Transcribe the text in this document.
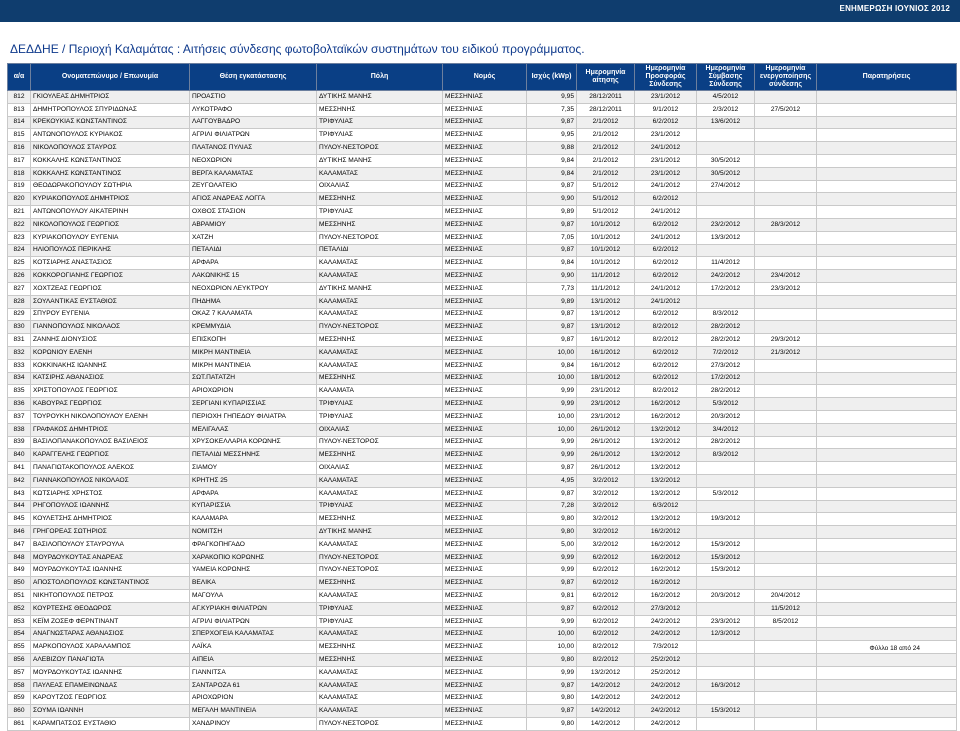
ΕΝΗΜΕΡΩΣΗ ΙΟΥΝΙΟΣ 2012
ΔΕΔΔΗΕ / Περιοχή Καλαμάτας : Αιτήσεις σύνδεσης φωτοβολταϊκών συστημάτων του ειδικού προγράμματος.
α/α	Ονοματεπώνυμο / Επωνυμία	Θέση εγκατάστασης	Πόλη	Νομός	Ισχύς (kWp)	Ημερομηνία αίτησης	Ημερομηνία Προσφοράς Σύνδεσης	Ημερομηνία Σύμβασης Σύνδεσης	Ημερομηνία ενεργοποίησης σύνδεσης	Παρατηρήσεις
812	ΓΚΙΟΥΛΕΑΣ ΔΗΜΗΤΡΙΟΣ	ΠΡΟΑΣΤΙΟ	ΔΥΤΙΚΗΣ ΜΑΝΗΣ	ΜΕΣΣΗΝΙΑΣ	9,95	28/12/2011	23/1/2012	4/5/2012		
813	ΔΗΜΗΤΡΟΠΟΥΛΟΣ ΣΠΥΡΙΔΩΝΑΣ	ΛΥΚΟΤΡΑΦΟ	ΜΕΣΣΗΝΗΣ	ΜΕΣΣΗΝΙΑΣ	7,35	28/12/2011	9/1/2012	2/3/2012	27/5/2012	
814	ΚΡΕΚΟΥΚΙΑΣ ΚΩΝΣΤΑΝΤΙΝΟΣ	ΛΑΓΓΟΥΒΑΔΡΟ	ΤΡΙΦΥΛΙΑΣ	ΜΕΣΣΗΝΙΑΣ	9,87	2/1/2012	6/2/2012	13/6/2012		
815	ΑΝΤΩΝΟΠΟΥΛΟΣ ΚΥΡΙΑΚΟΣ	ΑΓΡΙΛΙ ΦΙΛΙΑΤΡΩΝ	ΤΡΙΦΥΛΙΑΣ	ΜΕΣΣΗΝΙΑΣ	9,95	2/1/2012	23/1/2012			
816	ΝΙΚΟΛΟΠΟΥΛΟΣ ΣΤΑΥΡΟΣ	ΠΛΑΤΑΝΟΣ ΠΥΛΙΑΣ	ΠΥΛΟΥ-ΝΕΣΤΟΡΟΣ	ΜΕΣΣΗΝΙΑΣ	9,88	2/1/2012	24/1/2012			
817	ΚΟΚΚΑΛΗΣ ΚΩΝΣΤΑΝΤΙΝΟΣ	ΝΕΟΧΩΡΙΟΝ	ΔΥΤΙΚΗΣ ΜΑΝΗΣ	ΜΕΣΣΗΝΙΑΣ	9,84	2/1/2012	23/1/2012	30/5/2012		
818	ΚΟΚΚΑΛΗΣ ΚΩΝΣΤΑΝΤΙΝΟΣ	ΒΕΡΓΑ ΚΑΛΑΜΑΤΑΣ	ΚΑΛΑΜΑΤΑΣ	ΜΕΣΣΗΝΙΑΣ	9,84	2/1/2012	23/1/2012	30/5/2012		
819	ΘΕΟΔΩΡΑΚΟΠΟΥΛΟΥ ΣΩΤΗΡΙΑ	ΖΕΥΓΟΛΑΤΕΙΟ	ΟΙΧΑΛΙΑΣ	ΜΕΣΣΗΝΙΑΣ	9,87	5/1/2012	24/1/2012	27/4/2012		
820	ΚΥΡΙΑΚΟΠΟΥΛΟΣ ΔΗΜΗΤΡΙΟΣ	ΑΓΙΟΣ ΑΝΔΡΕΑΣ ΛΟΓΓΑ	ΜΕΣΣΗΝΗΣ	ΜΕΣΣΗΝΙΑΣ	9,90	5/1/2012	6/2/2012			
821	ΑΝΤΩΝΟΠΟΥΛΟΥ ΑΙΚΑΤΕΡΙΝΗ	ΟΧΘΟΣ ΣΤΑΣΙΟΝ	ΤΡΙΦΥΛΙΑΣ	ΜΕΣΣΗΝΙΑΣ	9,89	5/1/2012	24/1/2012			
822	ΝΙΚΟΛΟΠΟΥΛΟΣ ΓΕΩΡΓΙΟΣ	ΑΒΡΑΜΙΟΥ	ΜΕΣΣΗΝΗΣ	ΜΕΣΣΗΝΙΑΣ	9,87	10/1/2012	6/2/2012	23/2/2012	28/3/2012	
823	ΚΥΡΙΑΚΟΠΟΥΛΟΥ ΕΥΓΕΝΙΑ	ΧΑΤΖΗ	ΠΥΛΟΥ-ΝΕΣΤΟΡΟΣ	ΜΕΣΣΗΝΙΑΣ	7,05	10/1/2012	24/1/2012	13/3/2012		
824	ΗΛΙΟΠΟΥΛΟΣ ΠΕΡΙΚΛΗΣ	ΠΕΤΑΛΙΔΙ	ΠΕΤΑΛΙΔΙ	ΜΕΣΣΗΝΙΑΣ	9,87	10/1/2012	6/2/2012			
825	ΚΟΤΣΙΑΡΗΣ ΑΝΑΣΤΑΣΙΟΣ	ΑΡΦΑΡΑ	ΚΑΛΑΜΑΤΑΣ	ΜΕΣΣΗΝΙΑΣ	9,84	10/1/2012	6/2/2012	11/4/2012		
826	ΚΟΚΚΟΡΟΓΙΑΝΗΣ ΓΕΩΡΓΙΟΣ	ΛΑΚΩΝΙΚΗΣ 15	ΚΑΛΑΜΑΤΑΣ	ΜΕΣΣΗΝΙΑΣ	9,90	11/1/2012	6/2/2012	24/2/2012	23/4/2012	
827	ΧΟΧΤΖΕΑΣ ΓΕΩΡΓΙΟΣ	ΝΕΟΧΩΡΙΟΝ ΛΕΥΚΤΡΟΥ	ΔΥΤΙΚΗΣ ΜΑΝΗΣ	ΜΕΣΣΗΝΙΑΣ	7,73	11/1/2012	24/1/2012	17/2/2012	23/3/2012	
828	ΣΟΥΛΑΝΤΙΚΑΣ ΕΥΣΤΑΘΙΟΣ	ΠΗΔΗΜΑ	ΚΑΛΑΜΑΤΑΣ	ΜΕΣΣΗΝΙΑΣ	9,89	13/1/2012	24/1/2012			
829	ΣΠΥΡΟΥ ΕΥΓΕΝΙΑ	ΟΚΑΖ 7 ΚΑΛΑΜΑΤΑ	ΚΑΛΑΜΑΤΑΣ	ΜΕΣΣΗΝΙΑΣ	9,87	13/1/2012	6/2/2012	8/3/2012		
830	ΓΙΑΝΝΟΠΟΥΛΟΣ ΝΙΚΟΛΑΟΣ	ΚΡΕΜΜΥΔΙΑ	ΠΥΛΟΥ-ΝΕΣΤΟΡΟΣ	ΜΕΣΣΗΝΙΑΣ	9,87	13/1/2012	8/2/2012	28/2/2012		
831	ΖΑΝΝΗΣ ΔΙΟΝΥΣΙΟΣ	ΕΠΙΣΚΟΠΗ	ΜΕΣΣΗΝΗΣ	ΜΕΣΣΗΝΙΑΣ	9,87	16/1/2012	8/2/2012	28/2/2012	29/3/2012	
832	ΚΟΡΩΝΙΟΥ ΕΛΕΝΗ	ΜΙΚΡΗ ΜΑΝΤΙΝΕΙΑ	ΚΑΛΑΜΑΤΑΣ	ΜΕΣΣΗΝΙΑΣ	10,00	16/1/2012	6/2/2012	7/2/2012	21/3/2012	
833	ΚΟΚΚΙΝΑΚΗΣ ΙΩΑΝΝΗΣ	ΜΙΚΡΗ ΜΑΝΤΙΝΕΙΑ	ΚΑΛΑΜΑΤΑΣ	ΜΕΣΣΗΝΙΑΣ	9,84	16/1/2012	6/2/2012	27/3/2012		
834	ΚΑΤΣΙΡΗΣ ΑΘΑΝΑΣΙΟΣ	ΣΩΤ.ΠΑΤΑΤΖΗ	ΜΕΣΣΗΝΗΣ	ΜΕΣΣΗΝΙΑΣ	10,00	18/1/2012	6/2/2012	17/2/2012		
835	ΧΡΙΣΤΟΠΟΥΛΟΣ ΓΕΩΡΓΙΟΣ	ΑΡΙΟΧΩΡΙΟΝ	ΚΑΛΑΜΑΤΑ	ΜΕΣΣΗΝΙΑΣ	9,99	23/1/2012	8/2/2012	28/2/2012		
836	ΚΑΒΟΥΡΑΣ ΓΕΩΡΓΙΟΣ	ΣΕΡΓΙΑΝΙ ΚΥΠΑΡΙΣΣΙΑΣ	ΤΡΙΦΥΛΙΑΣ	ΜΕΣΣΗΝΙΑΣ	9,99	23/1/2012	16/2/2012	5/3/2012		
837	ΤΟΥΡΟΥΚΗ ΝΙΚΟΛΟΠΟΥΛΟΥ ΕΛΕΝΗ	ΠΕΡΙΟΧΗ ΓΗΠΕΔΟΥ ΦΙΛΙΑΤΡΑ	ΤΡΙΦΥΛΙΑΣ	ΜΕΣΣΗΝΙΑΣ	10,00	23/1/2012	16/2/2012	20/3/2012		
838	ΓΡΑΦΑΚΟΣ ΔΗΜΗΤΡΙΟΣ	ΜΕΛΙΓΑΛΑΣ	ΟΙΧΑΛΙΑΣ	ΜΕΣΣΗΝΙΑΣ	10,00	26/1/2012	13/2/2012	3/4/2012		
839	ΒΑΣΙΛΟΠΑΝΑΚΟΠΟΥΛΟΣ ΒΑΣΙΛΕΙΟΣ	ΧΡΥΣΟΚΕΛΛΑΡΙΑ ΚΟΡΩΝΗΣ	ΠΥΛΟΥ-ΝΕΣΤΟΡΟΣ	ΜΕΣΣΗΝΙΑΣ	9,99	26/1/2012	13/2/2012	28/2/2012		
840	ΚΑΡΑΓΓΕΛΗΣ ΓΕΩΡΓΙΟΣ	ΠΕΤΑΛΙΔΙ ΜΕΣΣΗΝΗΣ	ΜΕΣΣΗΝΗΣ	ΜΕΣΣΗΝΙΑΣ	9,99	26/1/2012	13/2/2012	8/3/2012		
841	ΠΑΝΑΓΙΩΤΑΚΟΠΟΥΛΟΣ ΑΛΕΚΟΣ	ΣΙΑΜΟΥ	ΟΙΧΑΛΙΑΣ	ΜΕΣΣΗΝΙΑΣ	9,87	26/1/2012	13/2/2012			
842	ΓΙΑΝΝΑΚΟΠΟΥΛΟΣ ΝΙΚΟΛΑΟΣ	ΚΡΗΤΗΣ 25	ΚΑΛΑΜΑΤΑΣ	ΜΕΣΣΗΝΙΑΣ	4,95	3/2/2012	13/2/2012			
843	ΚΩΤΣΙΑΡΗΣ ΧΡΗΣΤΟΣ	ΑΡΦΑΡΑ	ΚΑΛΑΜΑΤΑΣ	ΜΕΣΣΗΝΙΑΣ	9,87	3/2/2012	13/2/2012	5/3/2012		
844	ΡΗΓΟΠΟΥΛΟΣ ΙΩΑΝΝΗΣ	ΚΥΠΑΡΙΣΣΙΑ	ΤΡΙΦΥΛΙΑΣ	ΜΕΣΣΗΝΙΑΣ	7,28	3/2/2012	6/3/2012			
845	ΚΟΥΛΕΤΣΗΣ ΔΗΜΗΤΡΙΟΣ	ΚΑΛΑΜΑΡΑ	ΜΕΣΣΗΝΗΣ	ΜΕΣΣΗΝΙΑΣ	9,80	3/2/2012	13/2/2012	19/3/2012		
846	ΓΡΗΓΟΡΕΑΣ ΣΩΤΗΡΙΟΣ	ΝΟΜΙΤΣΗ	ΔΥΤΙΚΗΣ ΜΑΝΗΣ	ΜΕΣΣΗΝΙΑΣ	9,80	3/2/2012	16/2/2012			
847	ΒΑΣΙΛΟΠΟΥΛΟΥ ΣΤΑΥΡΟΥΛΑ	ΦΡΑΓΚΟΠΗΓΑΔΟ	ΚΑΛΑΜΑΤΑΣ	ΜΕΣΣΗΝΙΑΣ	5,00	3/2/2012	16/2/2012	15/3/2012		
848	ΜΟΥΡΔΟΥΚΟΥΤΑΣ ΑΝΔΡΕΑΣ	ΧΑΡΑΚΟΠΙΟ ΚΟΡΩΝΗΣ	ΠΥΛΟΥ-ΝΕΣΤΟΡΟΣ	ΜΕΣΣΗΝΙΑΣ	9,99	6/2/2012	16/2/2012	15/3/2012		
849	ΜΟΥΡΔΟΥΚΟΥΤΑΣ ΙΩΑΝΝΗΣ	ΥΑΜΕΙΑ ΚΟΡΩΝΗΣ	ΠΥΛΟΥ-ΝΕΣΤΟΡΟΣ	ΜΕΣΣΗΝΙΑΣ	9,99	6/2/2012	16/2/2012	15/3/2012		
850	ΑΠΟΣΤΟΛΟΠΟΥΛΟΣ ΚΩΝΣΤΑΝΤΙΝΟΣ	ΒΕΛΙΚΑ	ΜΕΣΣΗΝΗΣ	ΜΕΣΣΗΝΙΑΣ	9,87	6/2/2012	16/2/2012			
851	ΝΙΚΗΤΟΠΟΥΛΟΣ ΠΕΤΡΟΣ	ΜΑΓΟΥΛΑ	ΚΑΛΑΜΑΤΑΣ	ΜΕΣΣΗΝΙΑΣ	9,81	6/2/2012	16/2/2012	20/3/2012	20/4/2012	
852	ΚΟΥΡΤΕΣΗΣ ΘΕΟΔΩΡΟΣ	ΑΓ.ΚΥΡΙΑΚΗ ΦΙΛΙΑΤΡΩΝ	ΤΡΙΦΥΛΙΑΣ	ΜΕΣΣΗΝΙΑΣ	9,87	6/2/2012	27/3/2012		11/5/2012	
853	ΚΕΪΜ ΖΟΣΕΦ ΦΕΡΝΤΙΝΑΝΤ	ΑΓΡΙΛΙ ΦΙΛΙΑΤΡΩΝ	ΤΡΙΦΥΛΙΑΣ	ΜΕΣΣΗΝΙΑΣ	9,99	6/2/2012	24/2/2012	23/3/2012	8/5/2012	
854	ΑΝΑΓΝΩΣΤΑΡΑΣ ΑΘΑΝΑΣΙΟΣ	ΣΠΕΡΧΟΓΕΙΑ ΚΑΛΑΜΑΤΑΣ	ΚΑΛΑΜΑΤΑΣ	ΜΕΣΣΗΝΙΑΣ	10,00	6/2/2012	24/2/2012	12/3/2012		
855	ΜΑΡΚΟΠΟΥΛΟΣ ΧΑΡΑΛΑΜΠΟΣ	ΛΑΪΚΑ	ΜΕΣΣΗΝΗΣ	ΜΕΣΣΗΝΙΑΣ	10,00	8/2/2012	7/3/2012			
856	ΑΛΕΒΙΖΟΥ ΠΑΝΑΓΙΩΤΑ	ΑΙΠΕΙΑ	ΜΕΣΣΗΝΗΣ	ΜΕΣΣΗΝΙΑΣ	9,80	8/2/2012	25/2/2012			
857	ΜΟΥΡΔΟΥΚΟΥΤΑΣ ΙΩΑΝΝΗΣ	ΓΙΑΝΝΙΤΣΑ	ΚΑΛΑΜΑΤΑΣ	ΜΕΣΣΗΝΙΑΣ	9,99	13/2/2012	25/2/2012			
858	ΠΑΥΛΕΑΣ ΕΠΑΜΕΙΝΩΝΔΑΣ	ΣΑΝΤΑΡΟΖΑ 61	ΚΑΛΑΜΑΤΑΣ	ΜΕΣΣΗΝΙΑΣ	9,87	14/2/2012	24/2/2012	16/3/2012		
859	ΚΑΡΟΥΤΖΟΣ ΓΕΩΡΓΙΟΣ	ΑΡΙΟΧΩΡΙΟΝ	ΚΑΛΑΜΑΤΑΣ	ΜΕΣΣΗΝΙΑΣ	9,80	14/2/2012	24/2/2012			
860	ΣΟΥΜΑ ΙΩΑΝΝΗ	ΜΕΓΑΛΗ ΜΑΝΤΙΝΕΙΑ	ΚΑΛΑΜΑΤΑΣ	ΜΕΣΣΗΝΙΑΣ	9,87	14/2/2012	24/2/2012	15/3/2012		
861	ΚΑΡΑΜΠΑΤΣΟΣ ΕΥΣΤΑΘΙΟ	ΧΑΝΔΡΙΝΟΥ	ΠΥΛΟΥ-ΝΕΣΤΟΡΟΣ	ΜΕΣΣΗΝΙΑΣ	9,80	14/2/2012	24/2/2012			
Φύλλο 18 από 24
